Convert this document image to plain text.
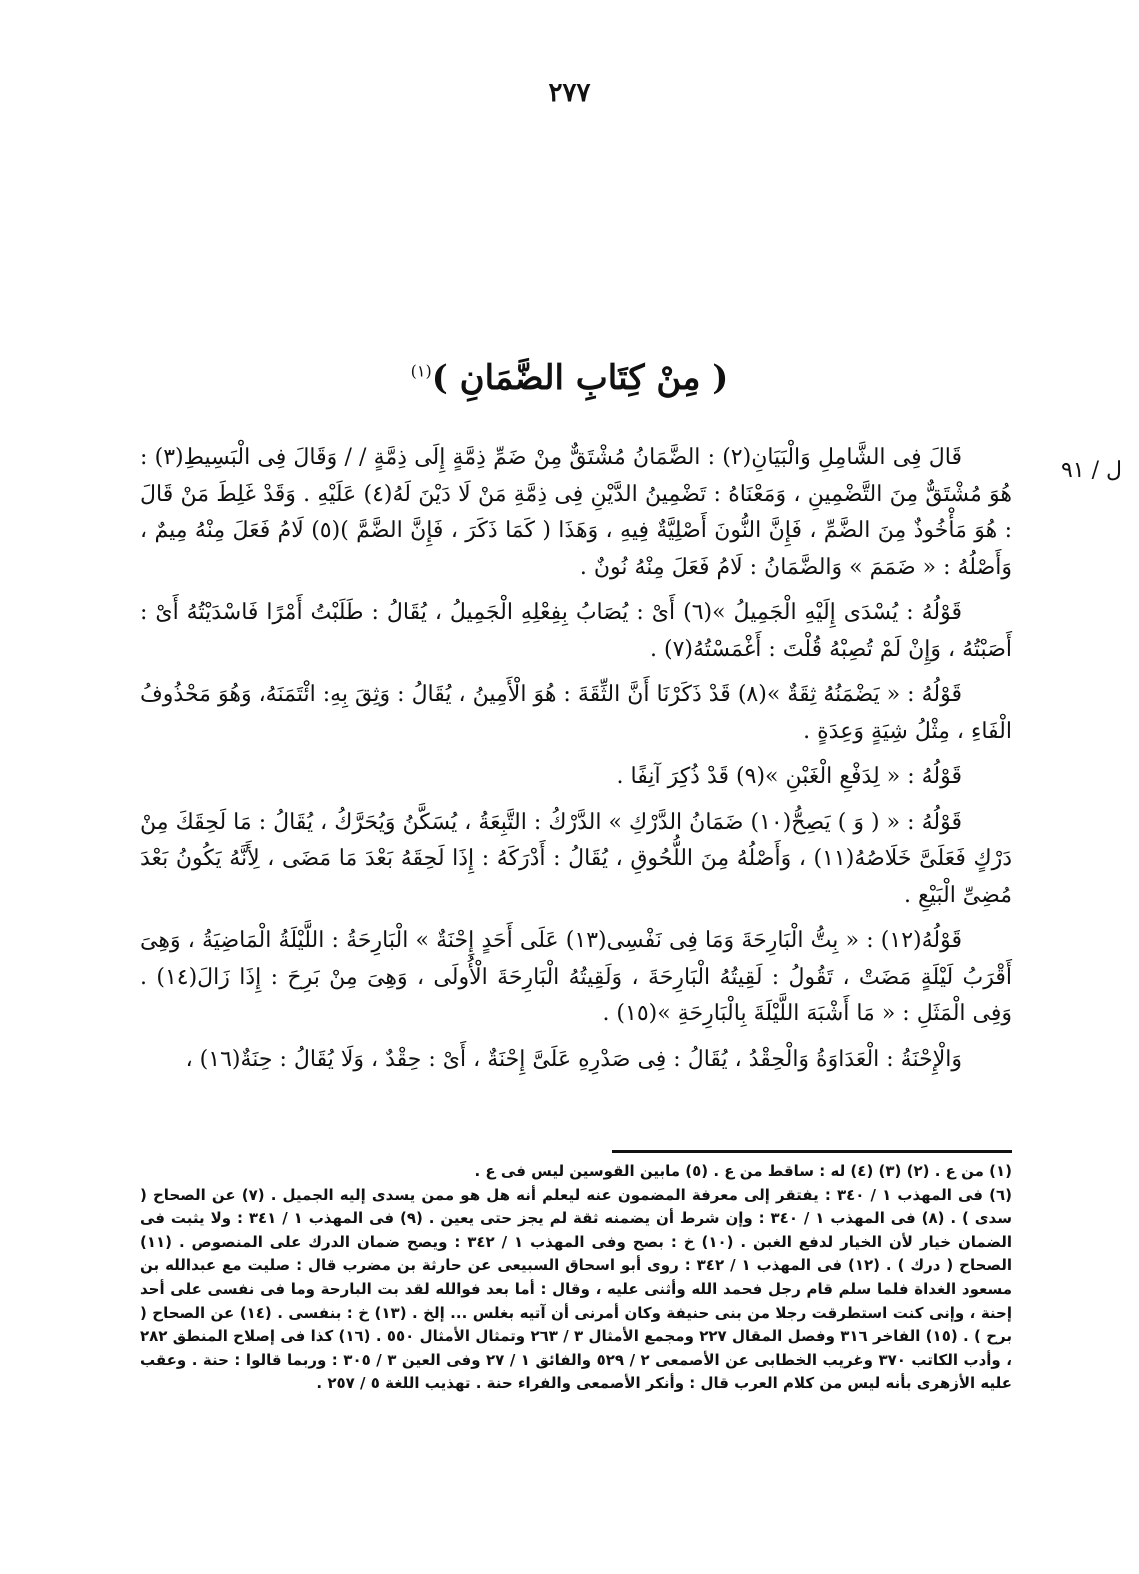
٢٧٧
( مِنْ كِتَابِ الضَّمَانِ )$^{(١)}$
ل / ٩١

قَالَ فِى الشَّامِلِ وَالْبَيَانِ(٢) : الضَّمَانُ مُشْتَقٌّ مِنْ ضَمِّ ذِمَّةٍ إِلَى ذِمَّةٍ / / وَقَالَ فِى الْبَسِيطِ(٣) : هُوَ مُشْتَقٌّ مِنَ التَّضْمِينِ ، وَمَعْنَاهُ : تَضْمِينُ الدَّيْنِ فِى ذِمَّةِ مَنْ لَا دَيْنَ لَهُ(٤) عَلَيْهِ . وَقَدْ غَلِطَ مَنْ قَالَ : هُوَ مَأْخُوذٌ مِنَ الضَّمِّ ، فَإِنَّ النُّونَ أَصْلِيَّةٌ فِيهِ ، وَهَذَا ( كَمَا ذَكَرَ ، فَإِنَّ الضَّمَّ )(٥) لَامُ فَعَلَ مِنْهُ مِيمٌ ، وَأَصْلُهُ : « ضَمَمَ » وَالضَّمَانُ : لَامُ فَعَلَ مِنْهُ نُونٌ .

قَوْلُهُ : يُسْدَى إِلَيْهِ الْجَمِيلُ »(٦) أَىْ : يُصَابُ بِفِعْلِهِ الْجَمِيلُ ، يُقَالُ : طَلَبْتُ أَمْرًا فَاسْدَيْتُهُ أَىْ : أَصَبْتُهُ ، وَإِنْ لَمْ تُصِبْهُ قُلْتَ : أَغْمَسْتُهُ(٧) .

قَوْلُهُ : « يَضْمَنُهُ ثِقَةٌ »(٨) قَدْ ذَكَرْنَا أَنَّ الثِّقَةَ : هُوَ الْأَمِينُ ، يُقَالُ : وَثِقَ بِهِ: ائْتَمَنَهُ، وَهُوَ مَحْذُوفُ الْفَاءِ ، مِثْلُ شِيَةٍ وَعِدَةٍ .

قَوْلُهُ : « لِدَفْعِ الْغَبْنِ »(٩) قَدْ ذُكِرَ آنِفًا .

قَوْلُهُ : « ( وَ ) يَصِحُّ(١٠) ضَمَانُ الدَّرْكِ » الدَّرْكُ : التَّبِعَةُ ، يُسَكَّنُ وَيُحَرَّكُ ، يُقَالُ : مَا لَحِقَكَ مِنْ دَرْكٍ فَعَلَىَّ خَلَاصُهُ(١١) ، وَأَصْلُهُ مِنَ اللُّحُوقِ ، يُقَالُ : أَدْرَكَهُ : إِذَا لَحِقَهُ بَعْدَ مَا مَضَى ، لِأَنَّهُ يَكُونُ بَعْدَ مُضِىِّ الْبَيْعِ .

قَوْلُهُ(١٢) : « بِتُّ الْبَارِحَةَ وَمَا فِى نَفْسِى(١٣) عَلَى أَحَدٍ إِحْنَةٌ » الْبَارِحَةُ : اللَّيْلَةُ الْمَاضِيَةُ ، وَهِىَ أَقْرَبُ لَيْلَةٍ مَضَتْ ، تَقُولُ : لَقِيتُهُ الْبَارِحَةَ ، وَلَقِيتُهُ الْبَارِحَةَ الْأُولَى ، وَهِىَ مِنْ بَرِحَ : إِذَا زَالَ(١٤) . وَفِى الْمَثَلِ : « مَا أَشْبَهَ اللَّيْلَةَ بِالْبَارِحَةِ »(١٥) .

وَالْإِحْنَةُ : الْعَدَاوَةُ وَالْحِقْدُ ، يُقَالُ : فِى صَدْرِهِ عَلَىَّ إِحْنَةٌ ، أَىْ : حِقْدٌ ، وَلَا يُقَالُ : حِنَةٌ(١٦) ،

(١) من ع . (٢) (٣) (٤) له : ساقط من ع . (٥) مابين القوسين ليس فى ع .

(٦) فى المهذب ١ / ٣٤٠ : يفتقر إلى معرفة المضمون عنه ليعلم أنه هل هو ممن يسدى إليه الجميل . (٧) عن الصحاح ( سدى ) . (٨) فى المهذب ١ / ٣٤٠ : وإن شرط أن يضمنه ثقة لم يجز حتى يعين . (٩) فى المهذب ١ / ٣٤١ : ولا يثبت فى الضمان خيار لأن الخيار لدفع الغبن . (١٠) خ : بصح وفى المهذب ١ / ٣٤٢ : ويصح ضمان الدرك على المنصوص . (١١) الصحاح ( درك ) . (١٢) فى المهذب ١ / ٣٤٢ : روى أبو اسحاق السبيعى عن حارثة بن مضرب قال : صليت مع عبدالله بن مسعود الغداة فلما سلم قام رجل فحمد الله وأثنى عليه ، وقال : أما بعد فوالله لقد بت البارحة وما فى نفسى على أحد إحنة ، وإنى كنت استطرقت رجلا من بنى حنيفة وكان أمرنى أن آتيه بغلس ... إلخ . (١٣) خ : بنفسى . (١٤) عن الصحاح ( برح ) . (١٥) الفاخر ٣١٦ وفصل المقال ٢٢٧ ومجمع الأمثال ٣ / ٢٦٣ وتمثال الأمثال ٥٥٠ . (١٦) كذا فى إصلاح المنطق ٢٨٢ ، وأدب الكاتب ٣٧٠ وغريب الخطابى عن الأصمعى ٢ / ٥٢٩ والفائق ١ / ٢٧ وفى العين ٣ / ٣٠٥ : وربما قالوا : حنة . وعقب عليه الأزهرى بأنه ليس من كلام العرب قال : وأنكر الأصمعى والفراء حنة . تهذيب اللغة ٥ / ٢٥٧ .
